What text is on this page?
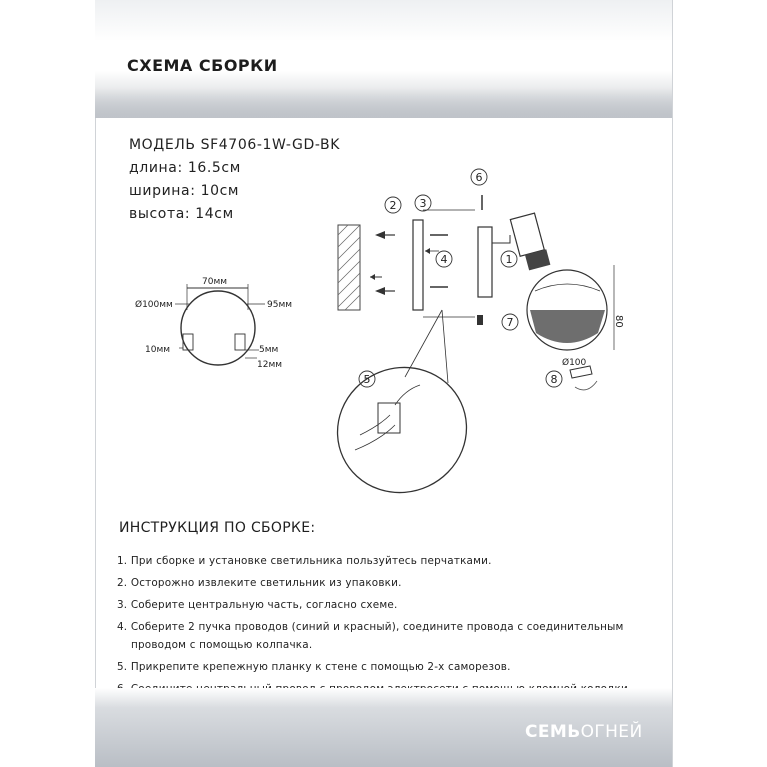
СХЕМА СБОРКИ
МОДЕЛЬ SF4706-1W-GD-BK
длина: 16.5см
ширина: 10см
высота: 14см
70мм
Ø100мм	95мм
10мм	5мм
12мм
80
Ø100
6
2 3
4	1
7
8
5
ИНСТРУКЦИЯ ПО СБОРКЕ:
1. При сборке и установке светильника пользуйтесь перчатками.
2. Осторожно извлеките светильник из упаковки.
3. Соберите центральную часть, согласно схеме.
4. Соберите 2 пучка проводов (синий и красный), соедините провода с соединительным
проводом с помощью колпачка.
5. Прикрепите крепежную планку к стене с помощью 2-х саморезов.
СЕМЬОГНЕЙ
